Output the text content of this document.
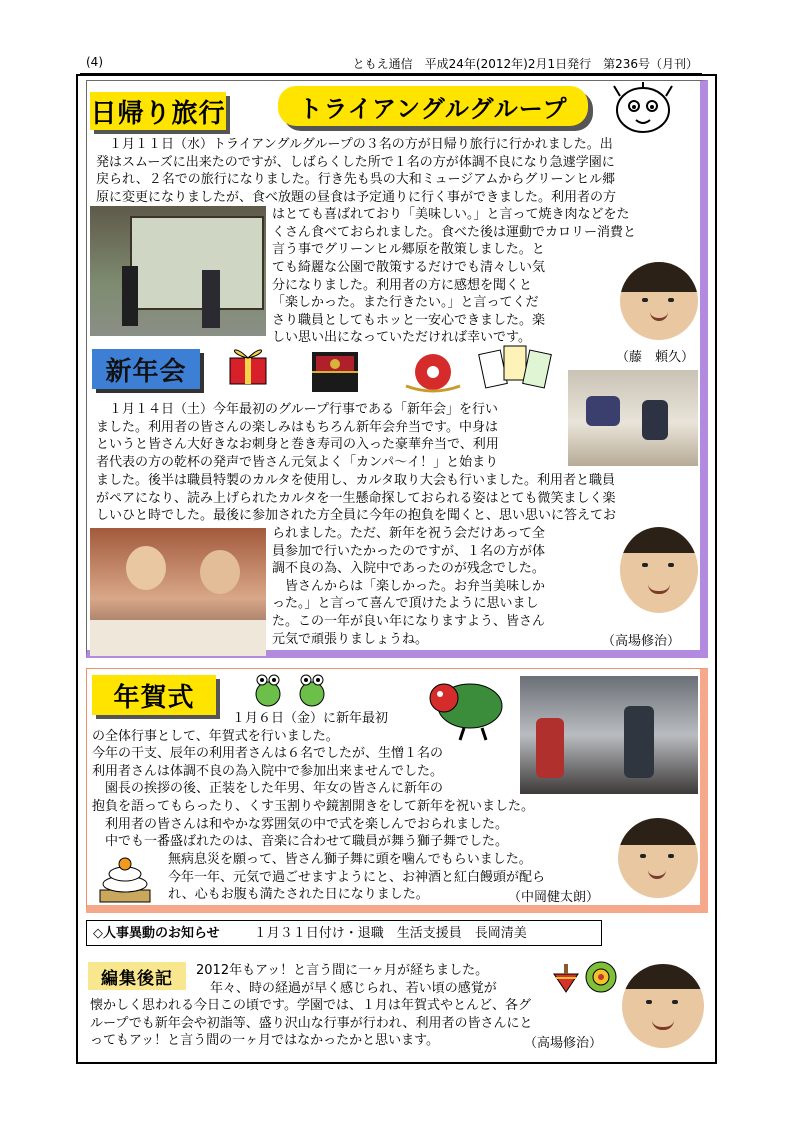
(4)	ともえ通信　平成24年(2012年)2月1日発行　第236号（月刊）
日帰り旅行	トライアングルグループ
　１月１１日（水）トライアングルグループの３名の方が日帰り旅行に行かれました。出
発はスムーズに出来たのですが、しばらくした所で１名の方が体調不良になり急遽学園に
戻られ、２名での旅行になりました。行き先も呉の大和ミュージアムからグリーンヒル郷
原に変更になりましたが、食べ放題の昼食は予定通りに行く事ができました。利用者の方
はとても喜ばれており「美味しい。」と言って焼き肉などをた
くさん食べておられました。食べた後は運動でカロリー消費と
言う事でグリーンヒル郷原を散策しました。と
ても綺麗な公園で散策するだけでも清々しい気
分になりました。利用者の方に感想を聞くと
「楽しかった。また行きたい。」と言ってくだ
さり職員としてもホッと一安心できました。楽
しい思い出になっていただければ幸いです。
（藤　頼久）
新年会
　１月１４日（土）今年最初のグループ行事である「新年会」を行い
ました。利用者の皆さんの楽しみはもちろん新年会弁当です。中身は
というと皆さん大好きなお刺身と巻き寿司の入った豪華弁当で、利用
者代表の方の乾杯の発声で皆さん元気よく「カンパ～イ！」と始まり
ました。後半は職員特製のカルタを使用し、カルタ取り大会も行いました。利用者と職員
がペアになり、読み上げられたカルタを一生懸命探しておられる姿はとても微笑ましく楽
しいひと時でした。最後に参加された方全員に今年の抱負を聞くと、思い思いに答えてお
られました。ただ、新年を祝う会だけあって全
員参加で行いたかったのですが、１名の方が体
調不良の為、入院中であったのが残念でした。
　皆さんからは「楽しかった。お弁当美味しか
った。」と言って喜んで頂けたように思いまし
た。この一年が良い年になりますよう、皆さん
元気で頑張りましょうね。	（高場修治）
年賀式
１月６日（金）に新年最初
の全体行事として、年賀式を行いました。
今年の干支、辰年の利用者さんは６名でしたが、生憎１名の
利用者さんは体調不良の為入院中で参加出来ませんでした。
　園長の挨拶の後、正装をした年男、年女の皆さんに新年の
抱負を語ってもらったり、くす玉割りや鏡割開きをして新年を祝いました。
　利用者の皆さんは和やかな雰囲気の中で式を楽しんでおられました。
　中でも一番盛ばれたのは、音楽に合わせて職員が舞う獅子舞でした。
無病息災を願って、皆さん獅子舞に頭を噛んでもらいました。
今年一年、元気で過ごせますようにと、お神酒と紅白饅頭が配ら
れ、心もお腹も満たされた日になりました。	（中岡健太朗）
◇人事異動のお知らせ	１月３１日付け・退職　生活支援員　長岡清美
編集後記	2012年もアッ！と言う間に一ヶ月が経ちました。
年々、時の経過が早く感じられ、若い頃の感覚が
懐かしく思われる今日この頃です。学園では、１月は年賀式やとんど、各グ
ループでも新年会や初詣等、盛り沢山な行事が行われ、利用者の皆さんにと
ってもアッ！と言う間の一ヶ月ではなかったかと思います。	（高場修治）
